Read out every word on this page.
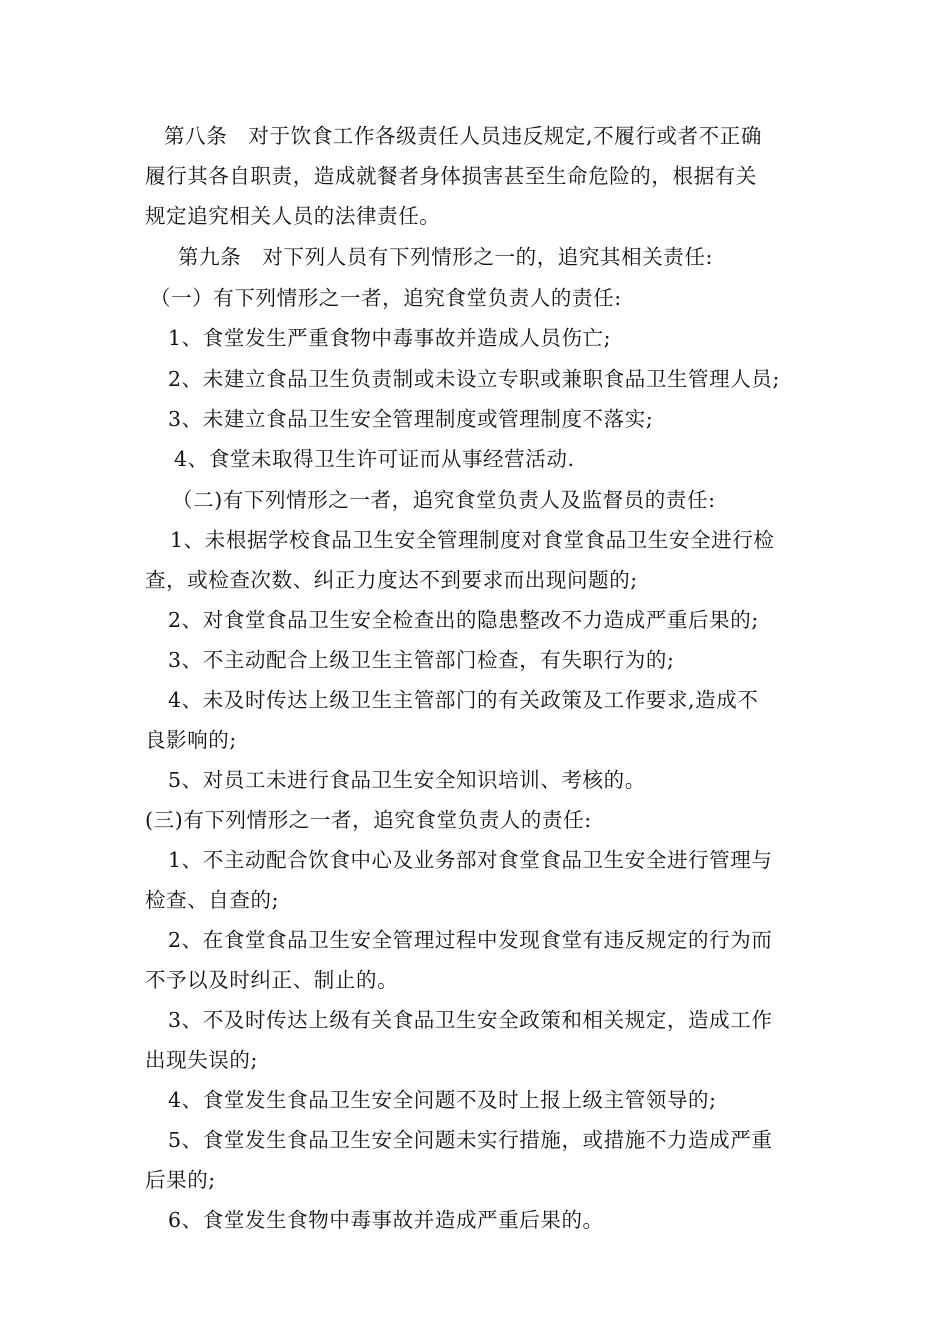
第八条　对于饮食工作各级责任人员违反规定,不履行或者不正确
履行其各自职责，造成就餐者身体损害甚至生命危险的，根据有关
规定追究相关人员的法律责任。
第九条　对下列人员有下列情形之一的，追究其相关责任:
（一）有下列情形之一者，追究食堂负责人的责任:
1、食堂发生严重食物中毒事故并造成人员伤亡;
2、未建立食品卫生负责制或未设立专职或兼职食品卫生管理人员;
3、未建立食品卫生安全管理制度或管理制度不落实;
4、食堂未取得卫生许可证而从事经营活动.
（二)有下列情形之一者，追究食堂负责人及监督员的责任:
1、未根据学校食品卫生安全管理制度对食堂食品卫生安全进行检
查，或检查次数、纠正力度达不到要求而出现问题的;
2、对食堂食品卫生安全检查出的隐患整改不力造成严重后果的;
3、不主动配合上级卫生主管部门检查，有失职行为的;
4、未及时传达上级卫生主管部门的有关政策及工作要求,造成不
良影响的;
5、对员工未进行食品卫生安全知识培训、考核的。
(三)有下列情形之一者，追究食堂负责人的责任:
1、不主动配合饮食中心及业务部对食堂食品卫生安全进行管理与
检查、自查的;
2、在食堂食品卫生安全管理过程中发现食堂有违反规定的行为而
不予以及时纠正、制止的。
3、不及时传达上级有关食品卫生安全政策和相关规定，造成工作
出现失误的;
4、食堂发生食品卫生安全问题不及时上报上级主管领导的;
5、食堂发生食品卫生安全问题未实行措施，或措施不力造成严重
后果的;
6、食堂发生食物中毒事故并造成严重后果的。
